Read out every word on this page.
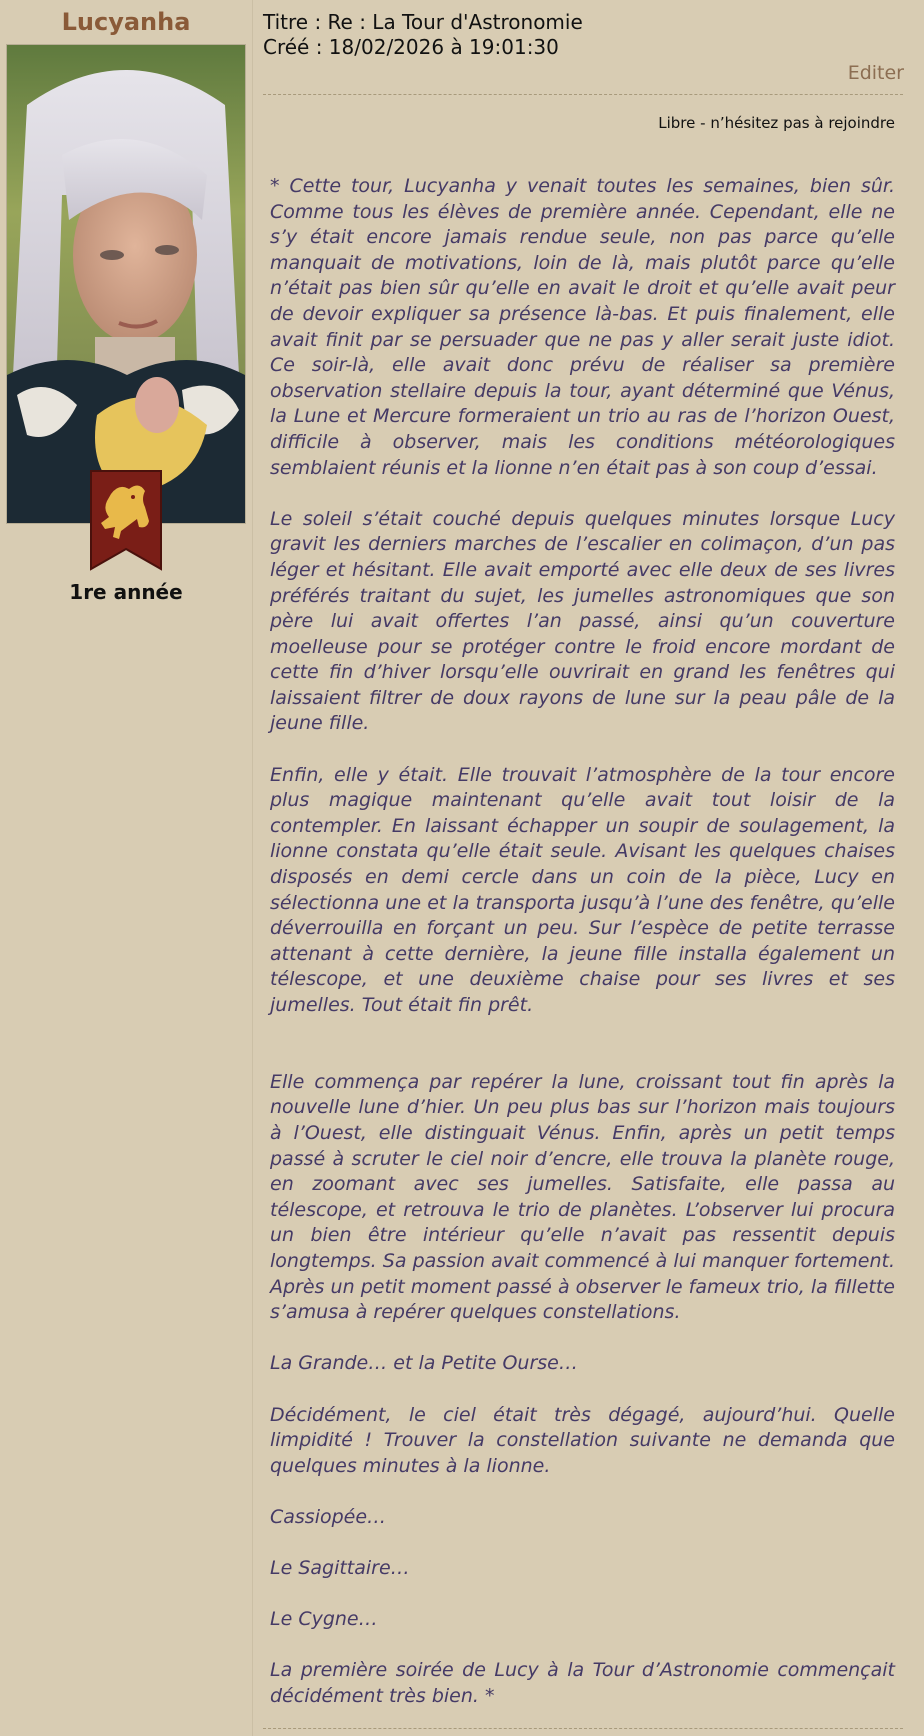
Lucyanha
1re année
Titre : Re : La Tour d'Astronomie
Créé : 18/02/2026 à 19:01:30
Editer
Libre - n’hésitez pas à rejoindre

* Cette tour, Lucyanha y venait toutes les semaines, bien sûr. Comme tous les élèves de première année. Cependant, elle ne s’y était encore jamais rendue seule, non pas parce qu’elle manquait de motivations, loin de là, mais plutôt parce qu’elle n’était pas bien sûr qu’elle en avait le droit et qu’elle avait peur de devoir expliquer sa présence là-bas. Et puis finalement, elle avait finit par se persuader que ne pas y aller serait juste idiot. Ce soir-là, elle avait donc prévu de réaliser sa première observation stellaire depuis la tour, ayant déterminé que Vénus, la Lune et Mercure formeraient un trio au ras de l’horizon Ouest, difficile à observer, mais les conditions météorologiques semblaient réunis et la lionne n’en était pas à son coup d’essai.

Le soleil s’était couché depuis quelques minutes lorsque Lucy gravit les derniers marches de l’escalier en colimaçon, d’un pas léger et hésitant. Elle avait emporté avec elle deux de ses livres préférés traitant du sujet, les jumelles astronomiques que son père lui avait offertes l’an passé, ainsi qu’un couverture moelleuse pour se protéger contre le froid encore mordant de cette fin d’hiver lorsqu’elle ouvrirait en grand les fenêtres qui laissaient filtrer de doux rayons de lune sur la peau pâle de la jeune fille.

Enfin, elle y était. Elle trouvait l’atmosphère de la tour encore plus magique maintenant qu’elle avait tout loisir de la contempler. En laissant échapper un soupir de soulagement, la lionne constata qu’elle était seule. Avisant les quelques chaises disposés en demi cercle dans un coin de la pièce, Lucy en sélectionna une et la transporta jusqu’à l’une des fenêtre, qu’elle déverrouilla en forçant un peu. Sur l’espèce de petite terrasse attenant à cette dernière, la jeune fille installa également un télescope, et une deuxième chaise pour ses livres et ses jumelles. Tout était fin prêt.

Elle commença par repérer la lune, croissant tout fin après la nouvelle lune d’hier. Un peu plus bas sur l’horizon mais toujours à l’Ouest, elle distinguait Vénus. Enfin, après un petit temps passé à scruter le ciel noir d’encre, elle trouva la planète rouge, en zoomant avec ses jumelles. Satisfaite, elle passa au télescope, et retrouva le trio de planètes. L’observer lui procura un bien être intérieur qu’elle n’avait pas ressentit depuis longtemps. Sa passion avait commencé à lui manquer fortement. Après un petit moment passé à observer le fameux trio, la fillette s’amusa à repérer quelques constellations.

La Grande… et la Petite Ourse…

Décidément, le ciel était très dégagé, aujourd’hui. Quelle limpidité ! Trouver la constellation suivante ne demanda que quelques minutes à la lionne.

Cassiopée…

Le Sagittaire…

Le Cygne…

La première soirée de Lucy à la Tour d’Astronomie commençait décidément très bien. *
